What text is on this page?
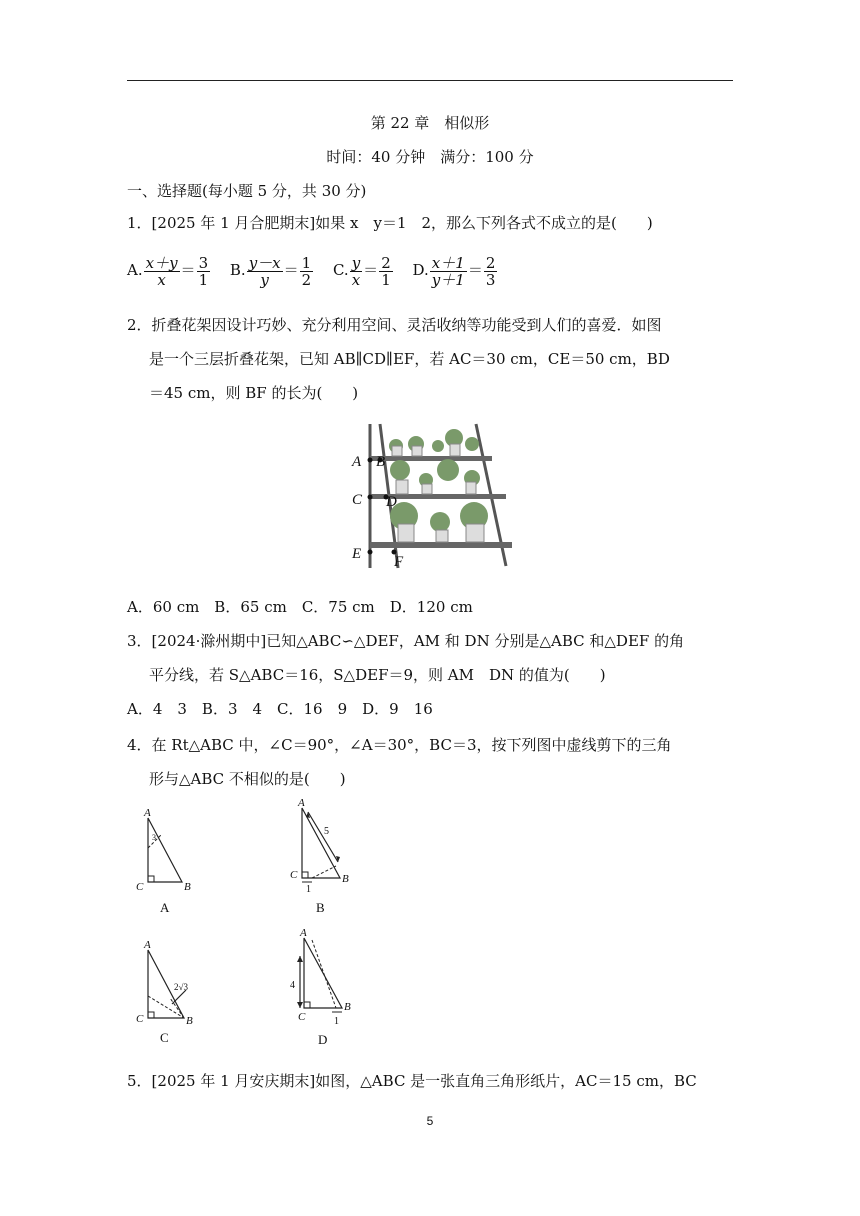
第 22 章　相似形
时间：40 分钟　满分：100 分
一、选择题(每小题 5 分，共 30 分)
1．[2025 年 1 月合肥期末]如果 x　y＝1　2，那么下列各式不成立的是(　　)
A. $\frac{x+y}{x} = \frac{3}{1} B$. $\frac{y-x}{y} = \frac{1}{2} C$. $\frac{y}{x} = \frac{2}{1} D$. $\frac{x+1}{y+1} = \frac{2}{3}$
2．折叠花架因设计巧妙、充分利用空间、灵活收纳等功能受到人们的喜爱．如图
是一个三层折叠花架，已知 AB∥CD∥EF，若 AC＝30 cm，CE＝50 cm，BD
＝45 cm，则 BF 的长为(　　)
A B
C D
E F
A．60 cm　B．65 cm　C．75 cm　D．120 cm
3．[2024·滁州期中]已知△ABC∽△DEF，AM 和 DN 分别是△ABC 和△DEF 的角
平分线，若 S△ABC＝16，S△DEF＝9，则 AM　DN 的值为(　　)
A．4　3　B．3　4　C．16　9　D．9　16
4．在 Rt△ABC 中，∠C＝90°，∠A＝30°，BC＝3，按下列图中虚线剪下的三角
形与△ABC 不相似的是(　　)
A
C	B
3
A
A
C	B
5
1
B
A
C	B
2√3
C
A
C
B
4
1
D
5．[2025 年 1 月安庆期末]如图，△ABC 是一张直角三角形纸片，AC＝15 cm，BC
5
